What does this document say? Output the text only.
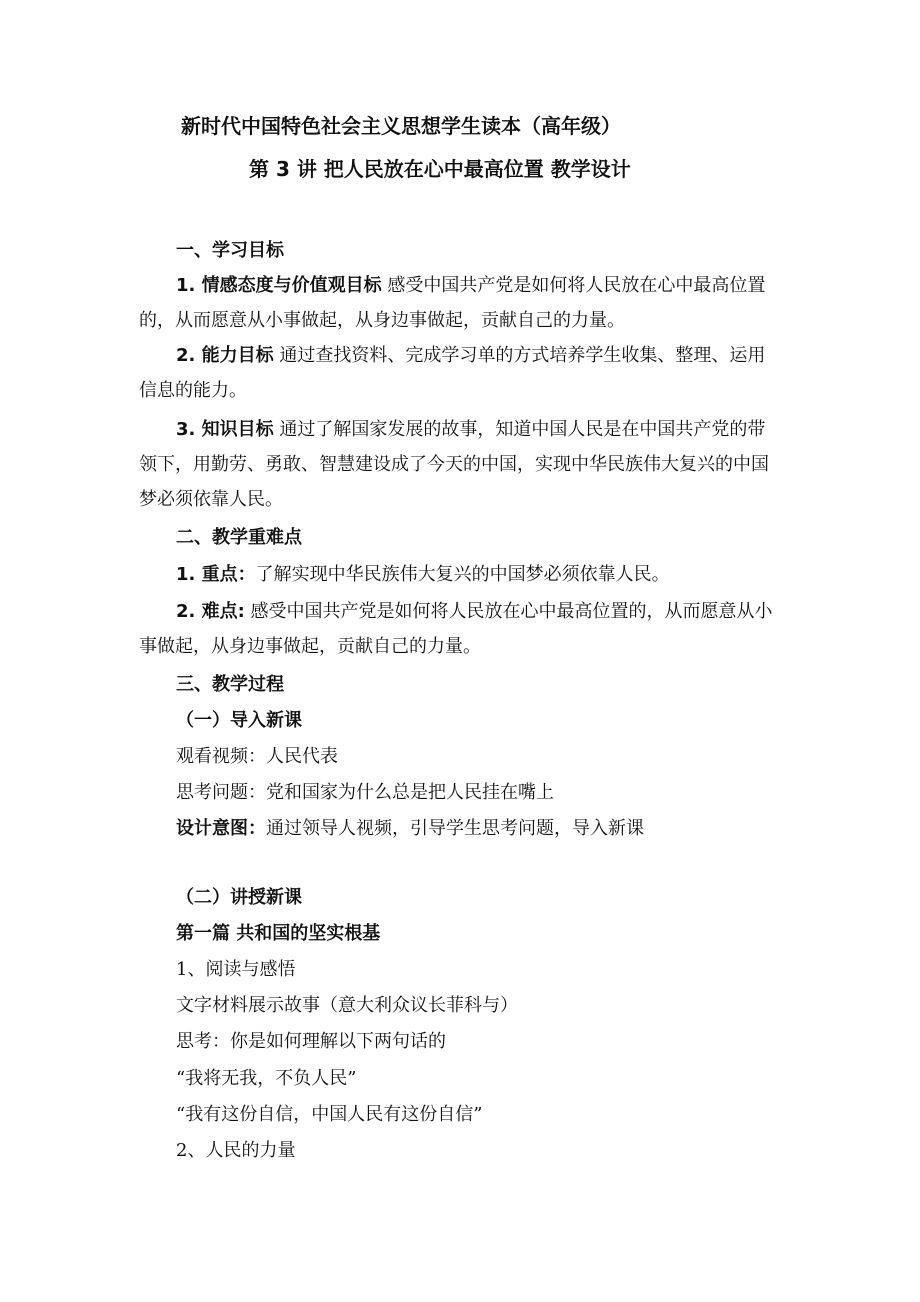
新时代中国特色社会主义思想学生读本（高年级）
第 3 讲 把人民放在心中最高位置 教学设计
一、学习目标
1. 情感态度与价值观目标 感受中国共产党是如何将人民放在心中最高位置
的，从而愿意从小事做起，从身边事做起，贡献自己的力量。
2. 能力目标 通过查找资料、完成学习单的方式培养学生收集、整理、运用
信息的能力。
3. 知识目标 通过了解国家发展的故事，知道中国人民是在中国共产党的带
领下，用勤劳、勇敢、智慧建设成了今天的中国，实现中华民族伟大复兴的中国
梦必须依靠人民。
二、教学重难点
1. 重点：了解实现中华民族伟大复兴的中国梦必须依靠人民。
2. 难点: 感受中国共产党是如何将人民放在心中最高位置的，从而愿意从小
事做起，从身边事做起，贡献自己的力量。
三、教学过程
（一）导入新课
观看视频：人民代表
思考问题：党和国家为什么总是把人民挂在嘴上
设计意图：通过领导人视频，引导学生思考问题，导入新课
（二）讲授新课
第一篇 共和国的坚实根基
1、阅读与感悟
文字材料展示故事（意大利众议长菲科与）
思考：你是如何理解以下两句话的
“我将无我，不负人民”
“我有这份自信，中国人民有这份自信”
2、人民的力量
